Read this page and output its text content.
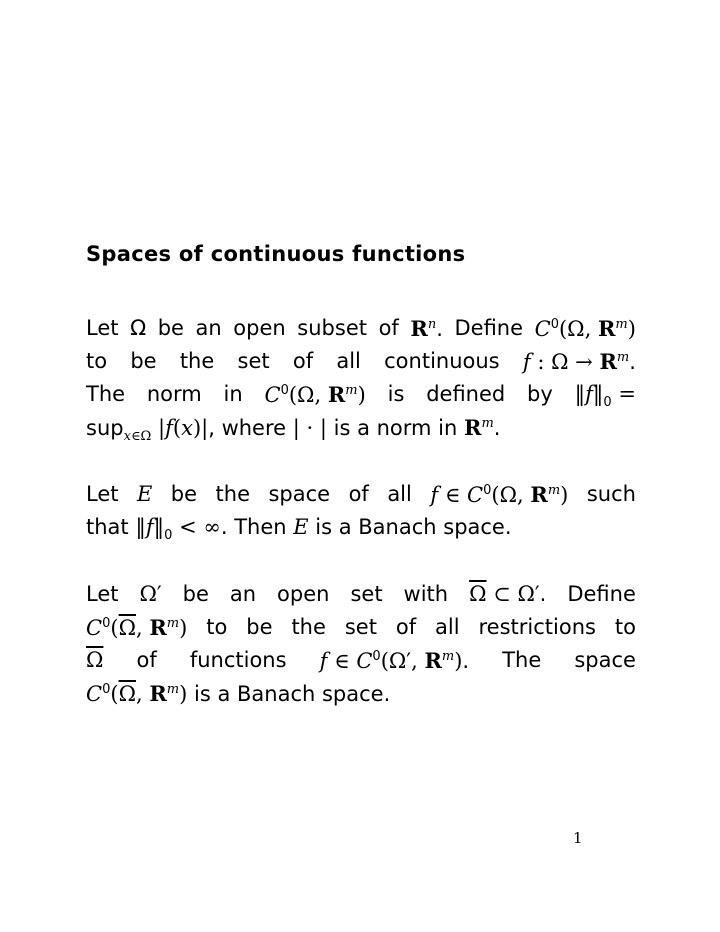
Spaces of continuous functions
Let Ω be an open subset of $R^n$. Define $C^0(\Omega$, $R^m$)
to be the set of all continuous f : $\Omega \to R^m$.
The norm in $C^0(\Omega$, $R^m$) is defined by $‖f‖_0$ =
sup$_{x\in\Omega}$ |f(x)|, where | · | is a norm in $R^m$.
Let E be the space of all f ∈ $C^0(\Omega$, $R^m$) such
that $‖f‖_0$ < ∞. Then E is a Banach space.
Let Ω′ be an open set with $\overline{\Omega}$ ⊂ Ω′. Define
$C^0(\overline{\Omega}$, $R^m$) to be the set of all restrictions to
$\overline{\Omega}$ of functions f ∈ $C^0(\Omega'$, $R^m$). The space
$C^0(\overline{\Omega}$, $R^m$) is a Banach space.
1
